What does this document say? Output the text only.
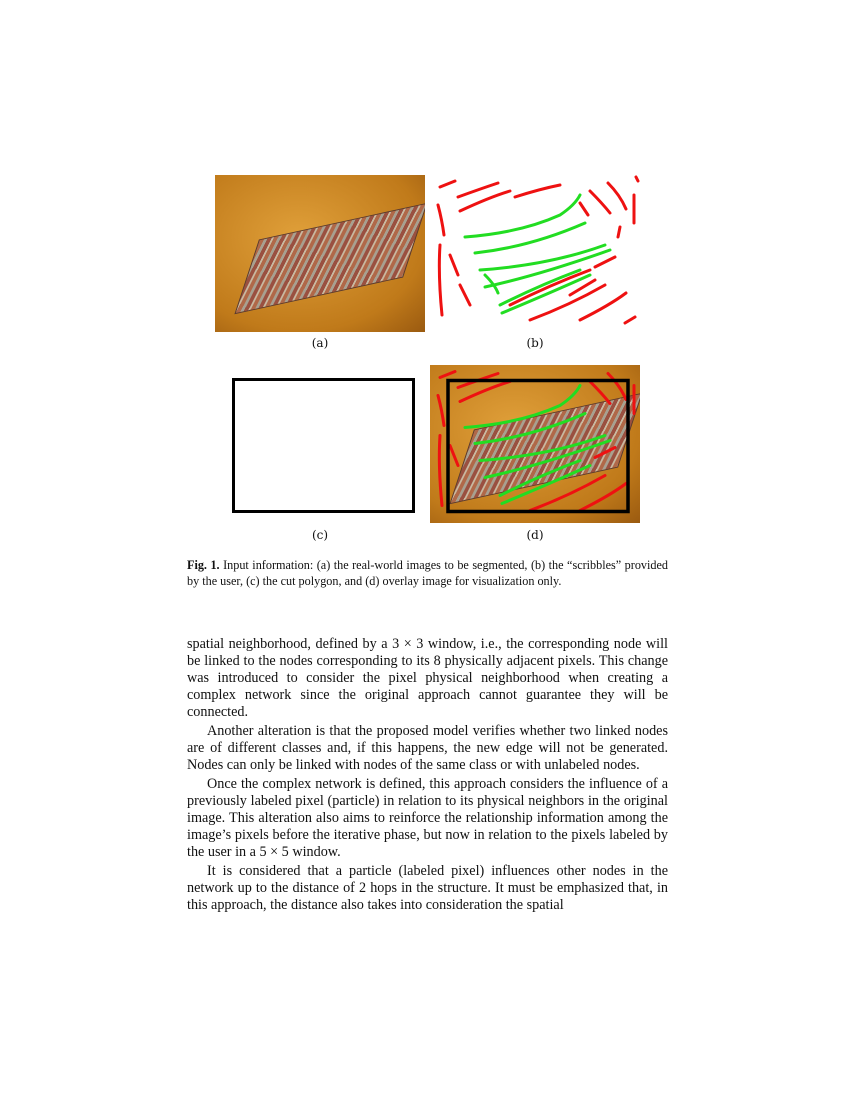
(a)	(b)
(c)	(d)
Fig. 1. Input information: (a) the real-world images to be segmented, (b) the “scribbles” provided by the user, (c) the cut polygon, and (d) overlay image for visualization only.

spatial neighborhood, defined by a 3 × 3 window, i.e., the corresponding node will be linked to the nodes corresponding to its 8 physically adjacent pixels. This change was introduced to consider the pixel physical neighborhood when creating a complex network since the original approach cannot guarantee they will be connected.

Another alteration is that the proposed model verifies whether two linked nodes are of different classes and, if this happens, the new edge will not be generated. Nodes can only be linked with nodes of the same class or with unlabeled nodes.

Once the complex network is defined, this approach considers the influence of a previously labeled pixel (particle) in relation to its physical neighbors in the original image. This alteration also aims to reinforce the relationship information among the image’s pixels before the iterative phase, but now in relation to the pixels labeled by the user in a 5 × 5 window.

It is considered that a particle (labeled pixel) influences other nodes in the network up to the distance of 2 hops in the structure. It must be emphasized that, in this approach, the distance also takes into consideration the spatial
